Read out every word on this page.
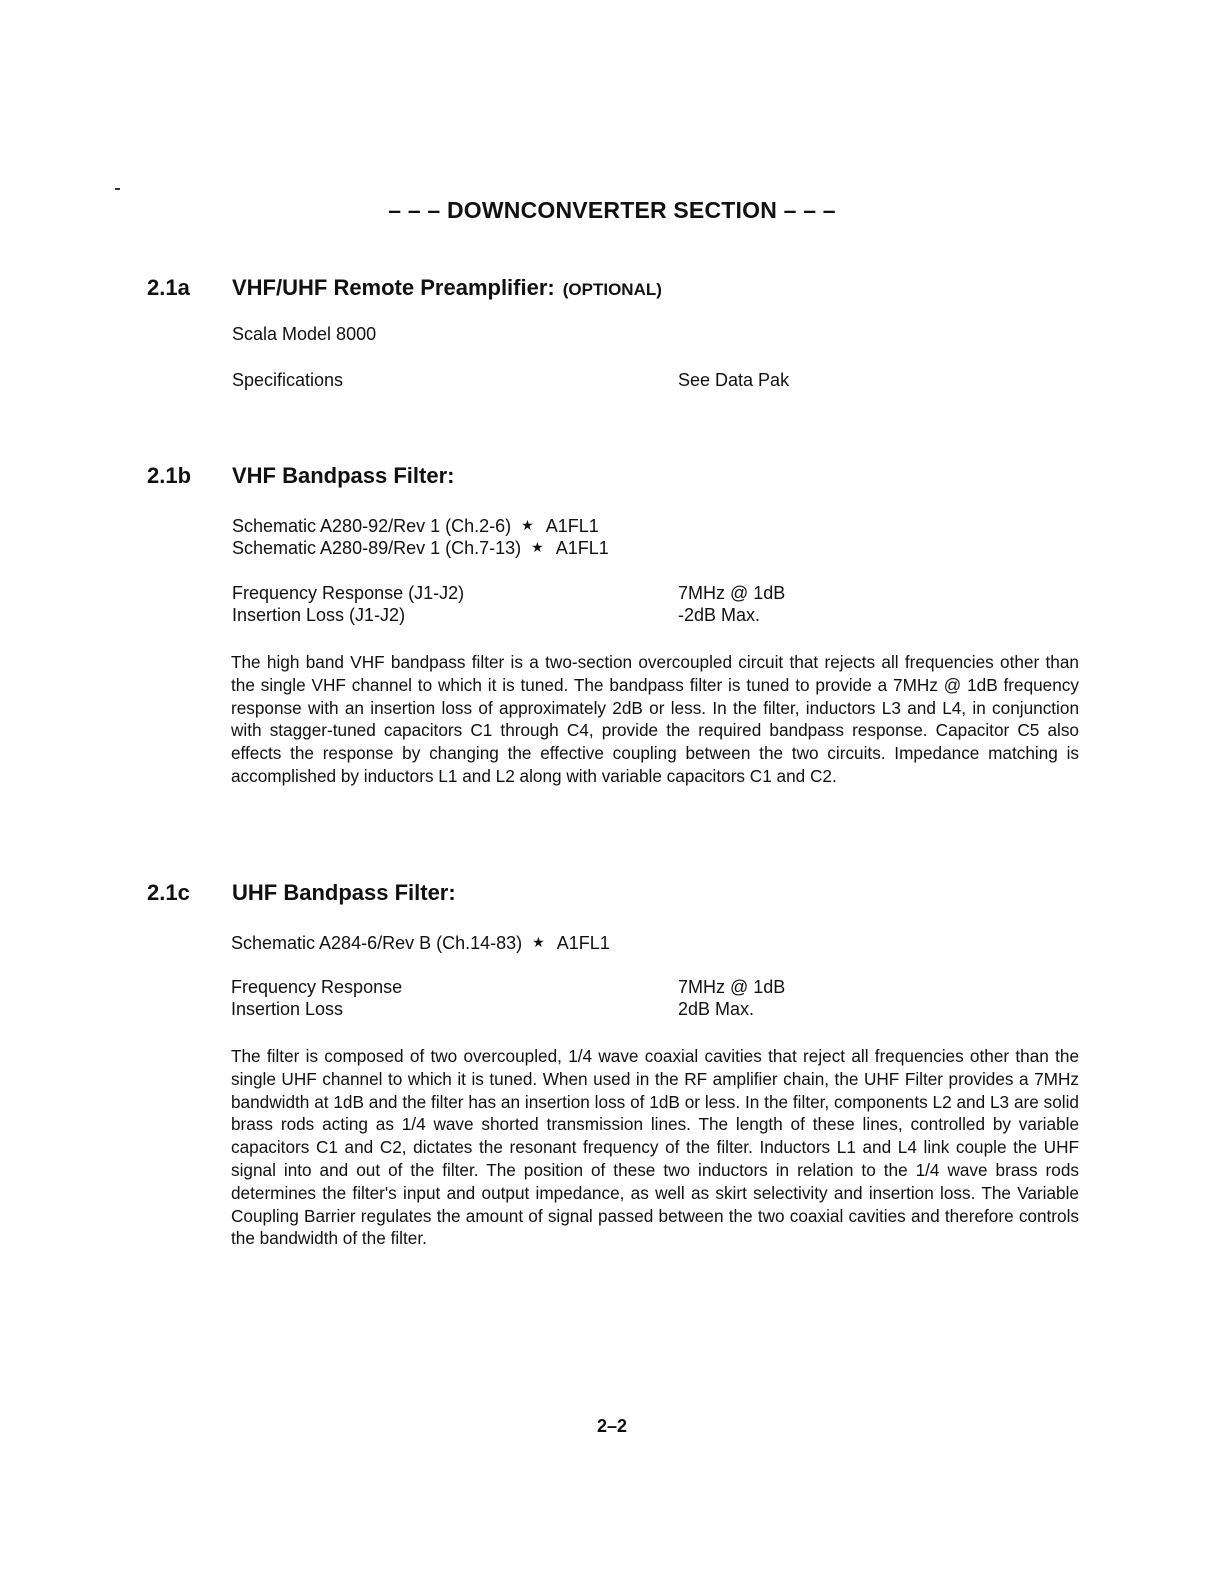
– – – DOWNCONVERTER SECTION – – –
2.1a VHF/UHF Remote Preamplifier: (OPTIONAL)
Scala Model 8000
Specifications	See Data Pak
2.1b VHF Bandpass Filter:
Schematic A280-92/Rev 1 (Ch.2-6) ★ A1FL1
Schematic A280-89/Rev 1 (Ch.7-13) ★ A1FL1
Frequency Response (J1-J2)	7MHz @ 1dB
Insertion Loss (J1-J2)	-2dB Max.

The high band VHF bandpass filter is a two-section overcoupled circuit that rejects all frequencies other than the single VHF channel to which it is tuned. The bandpass filter is tuned to provide a 7MHz @ 1dB frequency response with an insertion loss of approximately 2dB or less. In the filter, inductors L3 and L4, in conjunction with stagger-tuned capacitors C1 through C4, provide the required bandpass response. Capacitor C5 also effects the response by changing the effective coupling between the two circuits. Impedance matching is accomplished by inductors L1 and L2 along with variable capacitors C1 and C2.

2.1c UHF Bandpass Filter:
Schematic A284-6/Rev B (Ch.14-83) ★ A1FL1
Frequency Response	7MHz @ 1dB
Insertion Loss	2dB Max.

The filter is composed of two overcoupled, 1/4 wave coaxial cavities that reject all frequencies other than the single UHF channel to which it is tuned. When used in the RF amplifier chain, the UHF Filter provides a 7MHz bandwidth at 1dB and the filter has an insertion loss of 1dB or less. In the filter, components L2 and L3 are solid brass rods acting as 1/4 wave shorted transmission lines. The length of these lines, controlled by variable capacitors C1 and C2, dictates the resonant frequency of the filter. Inductors L1 and L4 link couple the UHF signal into and out of the filter. The position of these two inductors in relation to the 1/4 wave brass rods determines the filter's input and output impedance, as well as skirt selectivity and insertion loss. The Variable Coupling Barrier regulates the amount of signal passed between the two coaxial cavities and therefore controls the bandwidth of the filter.

2–2
